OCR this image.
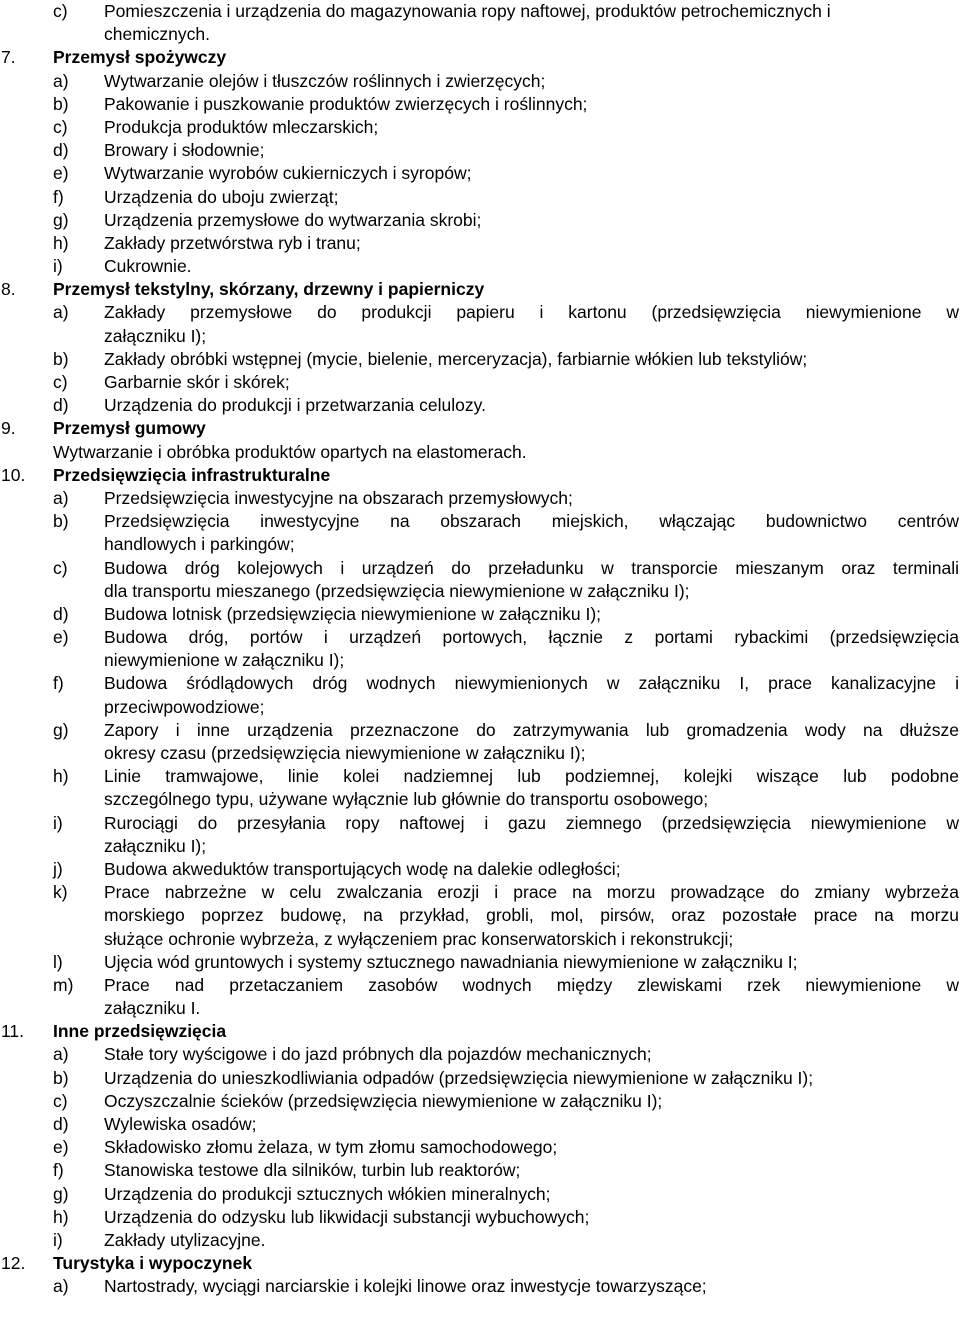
c) Pomieszczenia i urządzenia do magazynowania ropy naftowej, produktów petrochemicznych i
chemicznych.
7. Przemysł spożywczy
a) Wytwarzanie olejów i tłuszczów roślinnych i zwierzęcych;
b) Pakowanie i puszkowanie produktów zwierzęcych i roślinnych;
c) Produkcja produktów mleczarskich;
d) Browary i słodownie;
e) Wytwarzanie wyrobów cukierniczych i syropów;
f) Urządzenia do uboju zwierząt;
g) Urządzenia przemysłowe do wytwarzania skrobi;
h) Zakłady przetwórstwa ryb i tranu;
i) Cukrownie.
8. Przemysł tekstylny, skórzany, drzewny i papierniczy
a) Zakłady przemysłowe do produkcji papieru i kartonu (przedsięwzięcia niewymienione w
załączniku I);
b) Zakłady obróbki wstępnej (mycie, bielenie, merceryzacja), farbiarnie włókien lub tekstyliów;
c) Garbarnie skór i skórek;
d) Urządzenia do produkcji i przetwarzania celulozy.
9. Przemysł gumowy
Wytwarzanie i obróbka produktów opartych na elastomerach.
10. Przedsięwzięcia infrastrukturalne
a) Przedsięwzięcia inwestycyjne na obszarach przemysłowych;
b) Przedsięwzięcia inwestycyjne na obszarach miejskich, włączając budownictwo centrów
handlowych i parkingów;
c) Budowa dróg kolejowych i urządzeń do przeładunku w transporcie mieszanym oraz terminali
dla transportu mieszanego (przedsięwzięcia niewymienione w załączniku I);
d) Budowa lotnisk (przedsięwzięcia niewymienione w załączniku I);
e) Budowa dróg, portów i urządzeń portowych, łącznie z portami rybackimi (przedsięwzięcia
niewymienione w załączniku I);
f) Budowa śródlądowych dróg wodnych niewymienionych w załączniku I, prace kanalizacyjne i
przeciwpowodziowe;
g) Zapory i inne urządzenia przeznaczone do zatrzymywania lub gromadzenia wody na dłuższe
okresy czasu (przedsięwzięcia niewymienione w załączniku I);
h) Linie tramwajowe, linie kolei nadziemnej lub podziemnej, kolejki wiszące lub podobne
szczególnego typu, używane wyłącznie lub głównie do transportu osobowego;
i) Rurociągi do przesyłania ropy naftowej i gazu ziemnego (przedsięwzięcia niewymienione w
załączniku I);
j) Budowa akweduktów transportujących wodę na dalekie odległości;
k) Prace nabrzeżne w celu zwalczania erozji i prace na morzu prowadzące do zmiany wybrzeża
morskiego poprzez budowę, na przykład, grobli, mol, pirsów, oraz pozostałe prace na morzu
służące ochronie wybrzeża, z wyłączeniem prac konserwatorskich i rekonstrukcji;
l) Ujęcia wód gruntowych i systemy sztucznego nawadniania niewymienione w załączniku I;
m) Prace nad przetaczaniem zasobów wodnych między zlewiskami rzek niewymienione w
załączniku I.
11. Inne przedsięwzięcia
a) Stałe tory wyścigowe i do jazd próbnych dla pojazdów mechanicznych;
b) Urządzenia do unieszkodliwiania odpadów (przedsięwzięcia niewymienione w załączniku I);
c) Oczyszczalnie ścieków (przedsięwzięcia niewymienione w załączniku I);
d) Wylewiska osadów;
e) Składowisko złomu żelaza, w tym złomu samochodowego;
f) Stanowiska testowe dla silników, turbin lub reaktorów;
g) Urządzenia do produkcji sztucznych włókien mineralnych;
h) Urządzenia do odzysku lub likwidacji substancji wybuchowych;
i) Zakłady utylizacyjne.
12. Turystyka i wypoczynek
a) Nartostrady, wyciągi narciarskie i kolejki linowe oraz inwestycje towarzyszące;
